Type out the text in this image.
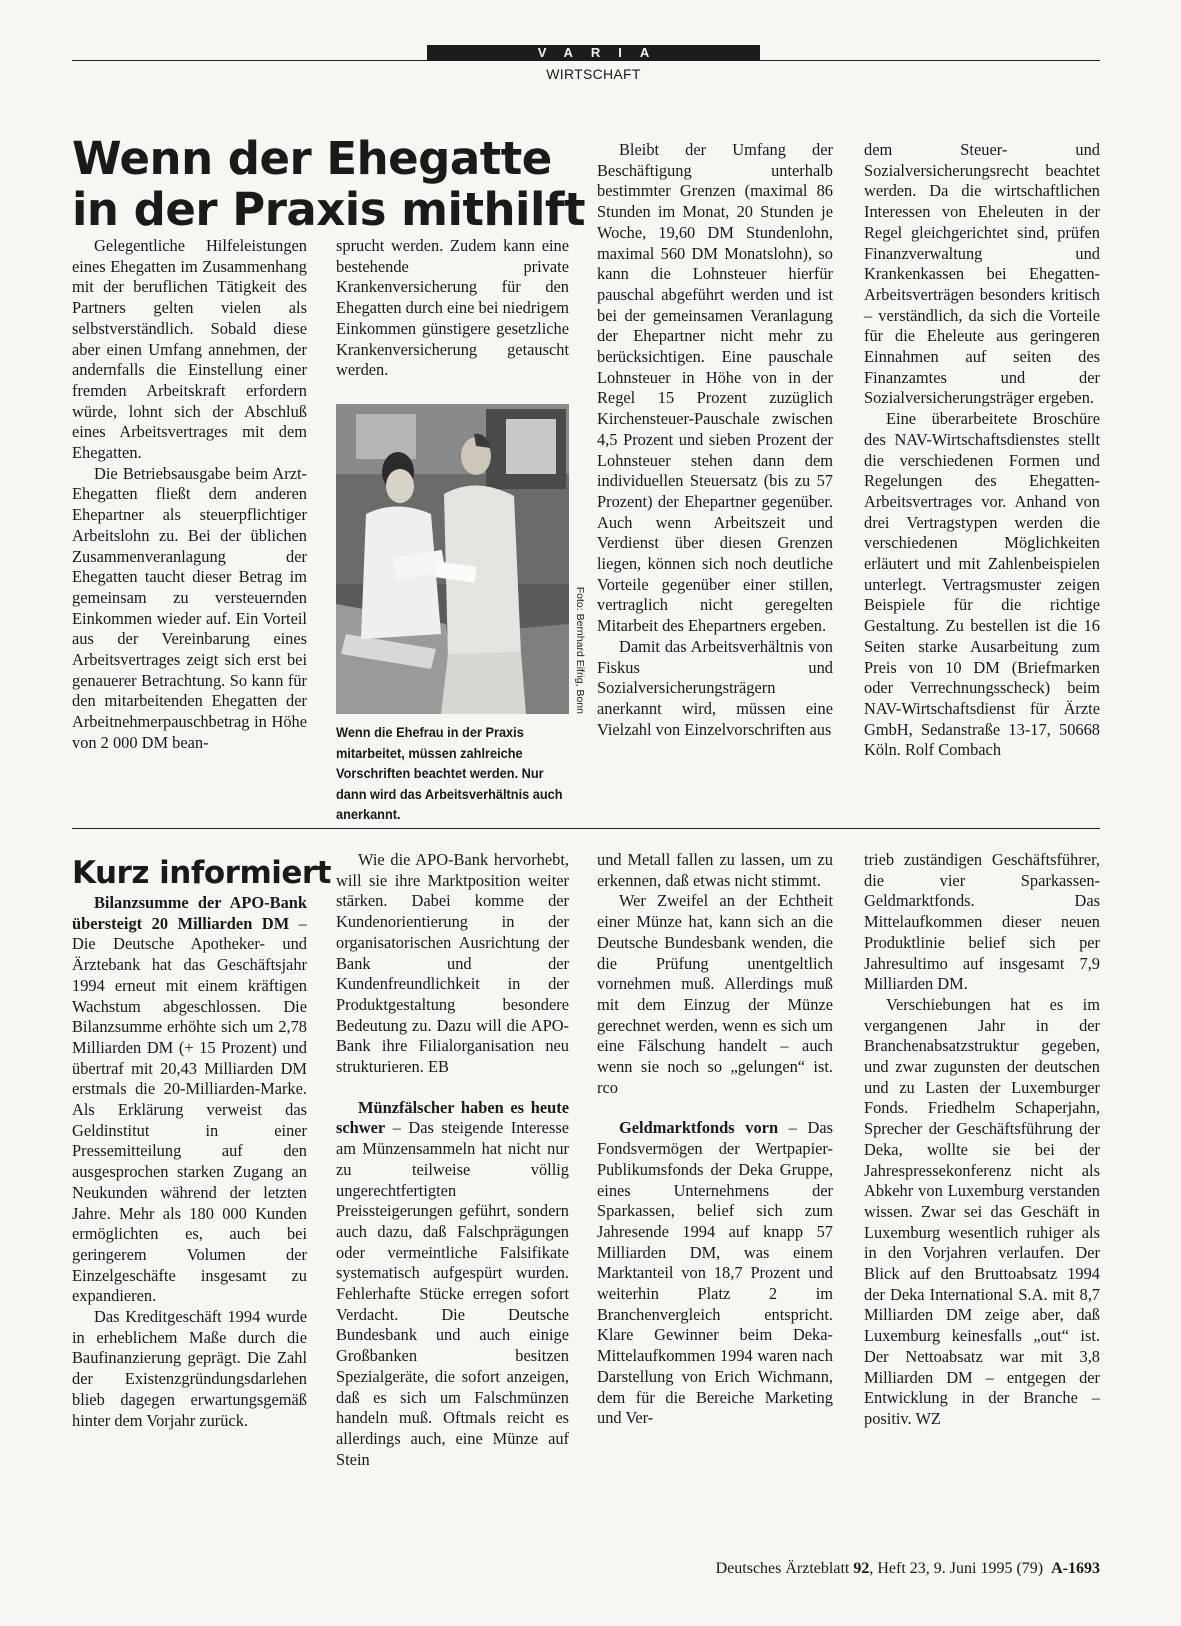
VARIA
WIRTSCHAFT
Wenn der Ehegatte
in der Praxis mithilft

Gelegentliche Hilfeleistungen eines Ehegatten im Zusammenhang mit der beruflichen Tätigkeit des Partners gelten vielen als selbstverständlich. Sobald diese aber einen Umfang annehmen, der andernfalls die Einstellung einer fremden Arbeitskraft erfordern würde, lohnt sich der Abschluß eines Arbeitsvertrages mit dem Ehegatten.

Die Betriebsausgabe beim Arzt-Ehegatten fließt dem anderen Ehepartner als steuerpflichtiger Arbeitslohn zu. Bei der üblichen Zusammenveranlagung der Ehegatten taucht dieser Betrag im gemeinsam zu versteuernden Einkommen wieder auf. Ein Vorteil aus der Vereinbarung eines Arbeitsvertrages zeigt sich erst bei genauerer Betrachtung. So kann für den mitarbeitenden Ehegatten der Arbeitnehmerpauschbetrag in Höhe von 2 000 DM bean-

sprucht werden. Zudem kann eine bestehende private Krankenversicherung für den Ehegatten durch eine bei niedrigem Einkommen günstigere gesetzliche Krankenversicherung getauscht werden.

Foto: Bernhard Eifrig, Bonn

Wenn die Ehefrau in der Praxis mitarbeitet, müssen zahlreiche Vorschriften beachtet werden. Nur dann wird das Arbeitsverhältnis auch anerkannt.

Bleibt der Umfang der Beschäftigung unterhalb bestimmter Grenzen (maximal 86 Stunden im Monat, 20 Stunden je Woche, 19,60 DM Stundenlohn, maximal 560 DM Monatslohn), so kann die Lohnsteuer hierfür pauschal abgeführt werden und ist bei der gemeinsamen Veranlagung der Ehepartner nicht mehr zu berücksichtigen. Eine pauschale Lohnsteuer in Höhe von in der Regel 15 Prozent zuzüglich Kirchensteuer-Pauschale zwischen 4,5 Prozent und sieben Prozent der Lohnsteuer stehen dann dem individuellen Steuersatz (bis zu 57 Prozent) der Ehepartner gegenüber. Auch wenn Arbeitszeit und Verdienst über diesen Grenzen liegen, können sich noch deutliche Vorteile gegenüber einer stillen, vertraglich nicht geregelten Mitarbeit des Ehepartners ergeben.

Damit das Arbeitsverhältnis von Fiskus und Sozialversicherungsträgern anerkannt wird, müssen eine Vielzahl von Einzelvorschriften aus

dem Steuer- und Sozialversicherungsrecht beachtet werden. Da die wirtschaftlichen Interessen von Eheleuten in der Regel gleichgerichtet sind, prüfen Finanzverwaltung und Krankenkassen bei Ehegatten-Arbeitsverträgen besonders kritisch – verständlich, da sich die Vorteile für die Eheleute aus geringeren Einnahmen auf seiten des Finanzamtes und der Sozialversicherungsträger ergeben.

Eine überarbeitete Broschüre des NAV-Wirtschaftsdienstes stellt die verschiedenen Formen und Regelungen des Ehegatten-Arbeitsvertrages vor. Anhand von drei Vertragstypen werden die verschiedenen Möglichkeiten erläutert und mit Zahlenbeispielen unterlegt. Vertragsmuster zeigen Beispiele für die richtige Gestaltung. Zu bestellen ist die 16 Seiten starke Ausarbeitung zum Preis von 10 DM (Briefmarken oder Verrechnungsscheck) beim NAV-Wirtschaftsdienst für Ärzte GmbH, Sedanstraße 13-17, 50668 Köln. Rolf Combach

Kurz informiert

Bilanzsumme der APO-Bank übersteigt 20 Milliarden DM – Die Deutsche Apotheker- und Ärztebank hat das Geschäftsjahr 1994 erneut mit einem kräftigen Wachstum abgeschlossen. Die Bilanzsumme erhöhte sich um 2,78 Milliarden DM (+ 15 Prozent) und übertraf mit 20,43 Milliarden DM erstmals die 20-Milliarden-Marke. Als Erklärung verweist das Geldinstitut in einer Pressemitteilung auf den ausgesprochen starken Zugang an Neukunden während der letzten Jahre. Mehr als 180 000 Kunden ermöglichten es, auch bei geringerem Volumen der Einzelgeschäfte insgesamt zu expandieren.

Das Kreditgeschäft 1994 wurde in erheblichem Maße durch die Baufinanzierung geprägt. Die Zahl der Existenzgründungsdarlehen blieb dagegen erwartungsgemäß hinter dem Vorjahr zurück.

Wie die APO-Bank hervorhebt, will sie ihre Marktposition weiter stärken. Dabei komme der Kundenorientierung in der organisatorischen Ausrichtung der Bank und der Kundenfreundlichkeit in der Produktgestaltung besondere Bedeutung zu. Dazu will die APO-Bank ihre Filialorganisation neu strukturieren. EB

Münzfälscher haben es heute schwer – Das steigende Interesse am Münzensammeln hat nicht nur zu teilweise völlig ungerechtfertigten Preissteigerungen geführt, sondern auch dazu, daß Falschprägungen oder vermeintliche Falsifikate systematisch aufgespürt wurden. Fehlerhafte Stücke erregen sofort Verdacht. Die Deutsche Bundesbank und auch einige Großbanken besitzen Spezialgeräte, die sofort anzeigen, daß es sich um Falschmünzen handeln muß. Oftmals reicht es allerdings auch, eine Münze auf Stein

und Metall fallen zu lassen, um zu erkennen, daß etwas nicht stimmt.

Wer Zweifel an der Echtheit einer Münze hat, kann sich an die Deutsche Bundesbank wenden, die die Prüfung unentgeltlich vornehmen muß. Allerdings muß mit dem Einzug der Münze gerechnet werden, wenn es sich um eine Fälschung handelt – auch wenn sie noch so „gelungen“ ist. rco

Geldmarktfonds vorn – Das Fondsvermögen der Wertpapier-Publikumsfonds der Deka Gruppe, eines Unternehmens der Sparkassen, belief sich zum Jahresende 1994 auf knapp 57 Milliarden DM, was einem Marktanteil von 18,7 Prozent und weiterhin Platz 2 im Branchenvergleich entspricht. Klare Gewinner beim Deka-Mittelaufkommen 1994 waren nach Darstellung von Erich Wichmann, dem für die Bereiche Marketing und Ver-

trieb zuständigen Geschäftsführer, die vier Sparkassen-Geldmarktfonds. Das Mittelaufkommen dieser neuen Produktlinie belief sich per Jahresultimo auf insgesamt 7,9 Milliarden DM.

Verschiebungen hat es im vergangenen Jahr in der Branchenabsatzstruktur gegeben, und zwar zugunsten der deutschen und zu Lasten der Luxemburger Fonds. Friedhelm Schaperjahn, Sprecher der Geschäftsführung der Deka, wollte sie bei der Jahrespressekonferenz nicht als Abkehr von Luxemburg verstanden wissen. Zwar sei das Geschäft in Luxemburg wesentlich ruhiger als in den Vorjahren verlaufen. Der Blick auf den Bruttoabsatz 1994 der Deka International S.A. mit 8,7 Milliarden DM zeige aber, daß Luxemburg keinesfalls „out“ ist. Der Nettoabsatz war mit 3,8 Milliarden DM – entgegen der Entwicklung in der Branche – positiv. WZ

Deutsches Ärzteblatt 92, Heft 23, 9. Juni 1995 (79) A-1693
